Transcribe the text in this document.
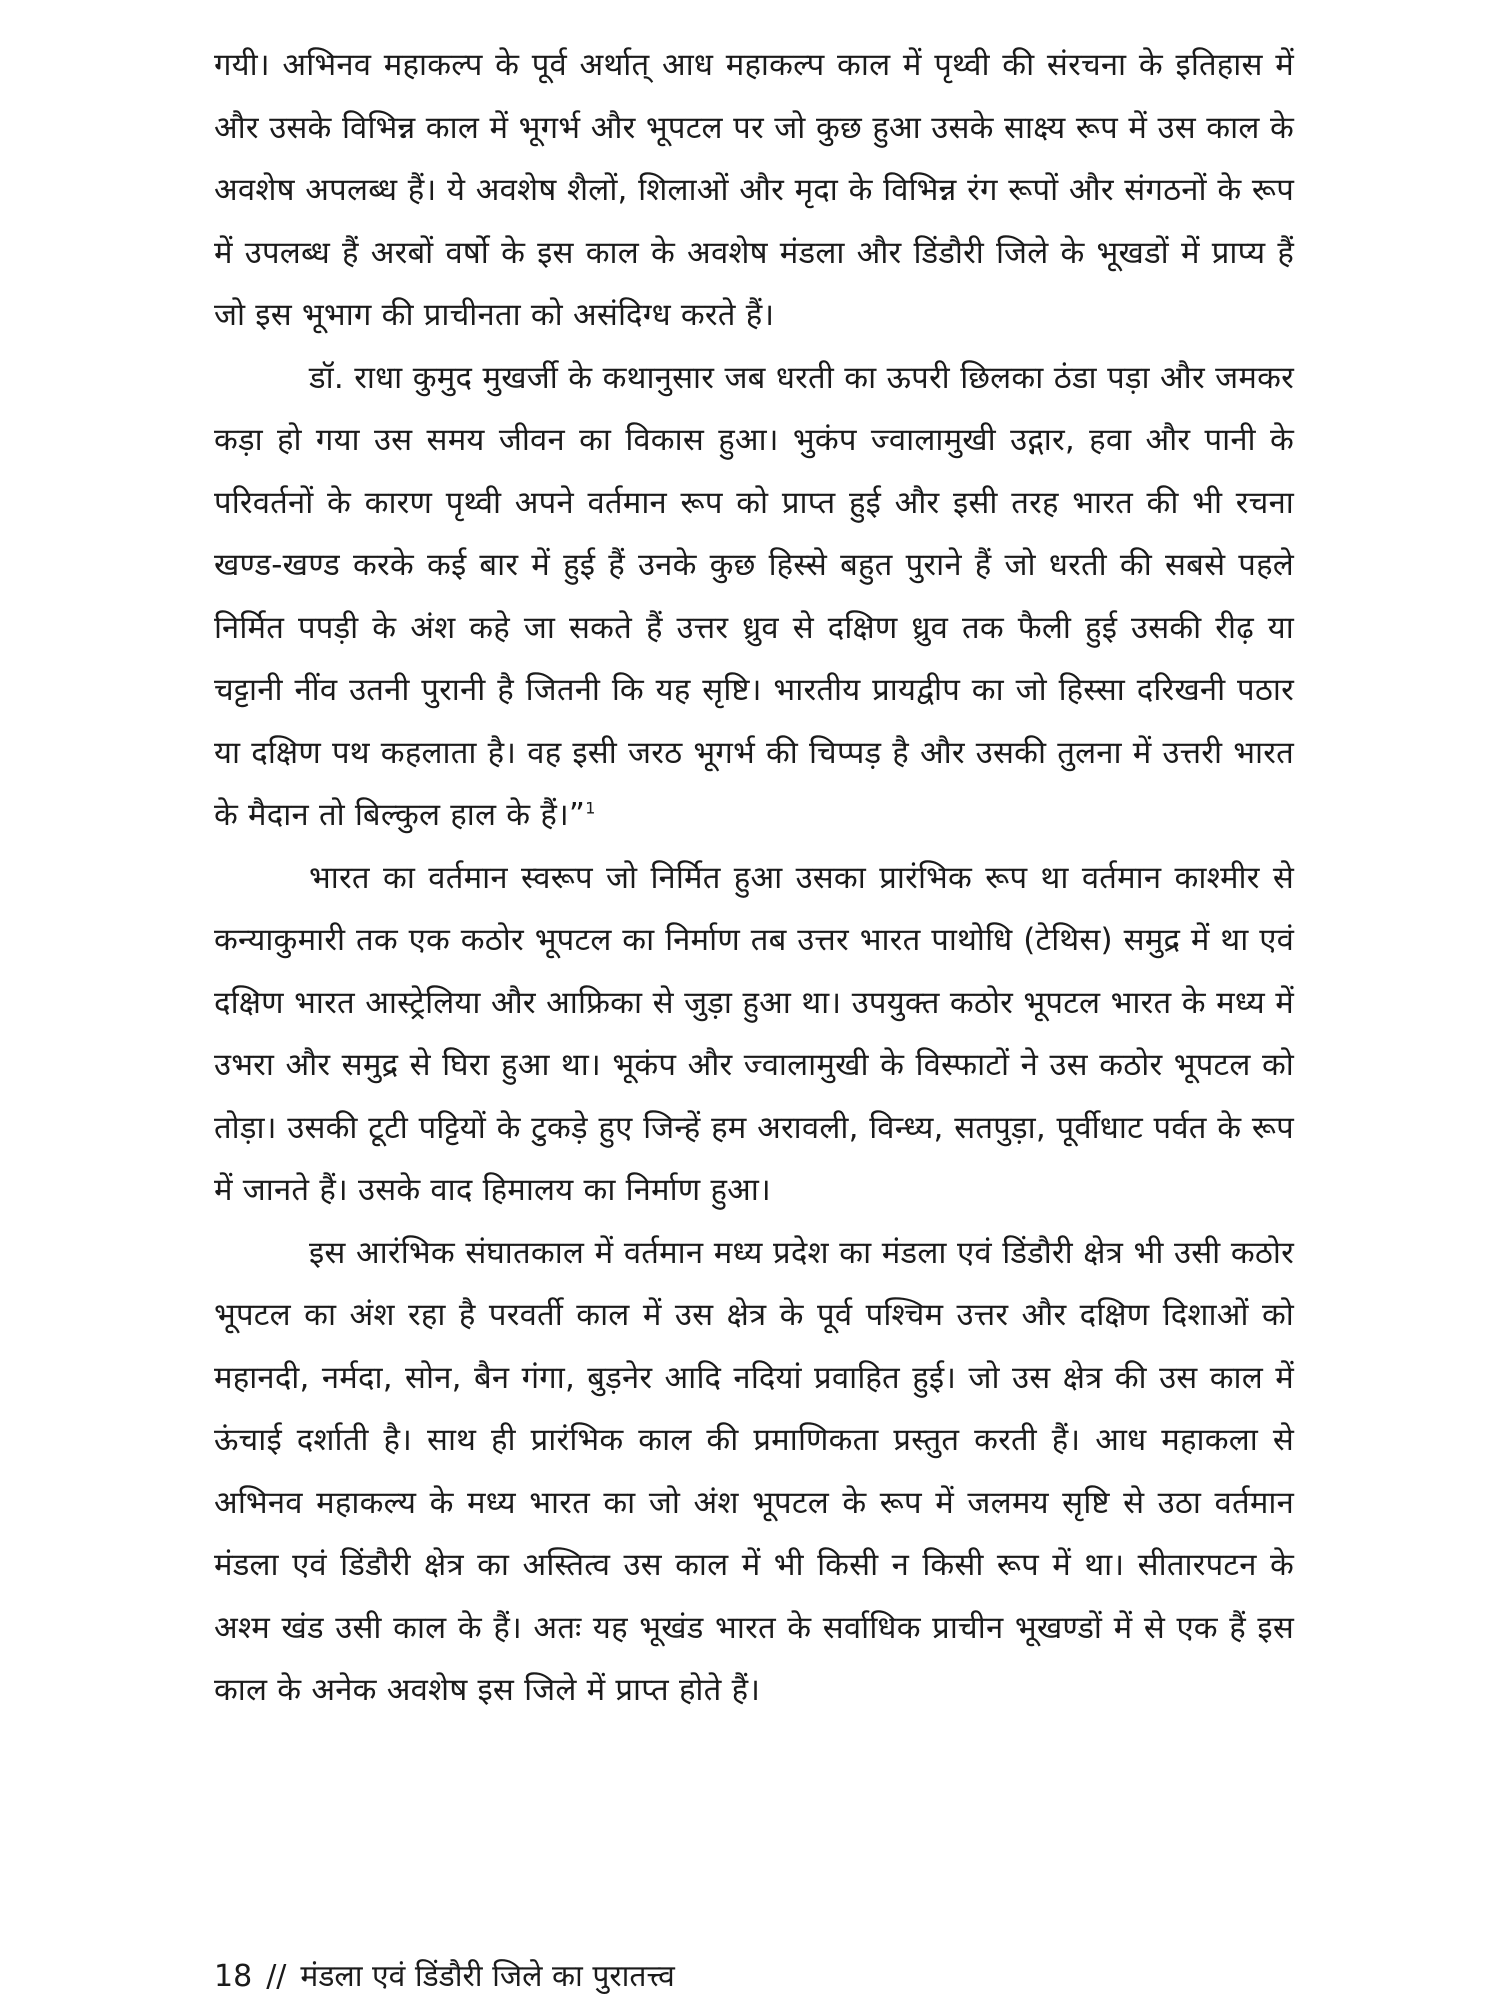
गयी। अभिनव महाकल्प के पूर्व अर्थात् आध महाकल्प काल में पृथ्वी की संरचना के इतिहास में और उसके विभिन्न काल में भूगर्भ और भूपटल पर जो कुछ हुआ उसके साक्ष्य रूप में उस काल के अवशेष अपलब्ध हैं। ये अवशेष शैलों, शिलाओं और मृदा के विभिन्न रंग रूपों और संगठनों के रूप में उपलब्ध हैं अरबों वर्षो के इस काल के अवशेष मंडला और डिंडौरी जिले के भूखडों में प्राप्य हैं जो इस भूभाग की प्राचीनता को असंदिग्ध करते हैं।

डॉ. राधा कुमुद मुखर्जी के कथानुसार जब धरती का ऊपरी छिलका ठंडा पड़ा और जमकर कड़ा हो गया उस समय जीवन का विकास हुआ। भुकंप ज्वालामुखी उद्गार, हवा और पानी के परिवर्तनों के कारण पृथ्वी अपने वर्तमान रूप को प्राप्त हुई और इसी तरह भारत की भी रचना खण्ड-खण्ड करके कई बार में हुई हैं उनके कुछ हिस्से बहुत पुराने हैं जो धरती की सबसे पहले निर्मित पपड़ी के अंश कहे जा सकते हैं उत्तर ध्रुव से दक्षिण ध्रुव तक फैली हुई उसकी रीढ़ या चट्टानी नींव उतनी पुरानी है जितनी कि यह सृष्टि। भारतीय प्रायद्वीप का जो हिस्सा दरिखनी पठार या दक्षिण पथ कहलाता है। वह इसी जरठ भूगर्भ की चिप्पड़ है और उसकी तुलना में उत्तरी भारत के मैदान तो बिल्कुल हाल के हैं।”$^1$

भारत का वर्तमान स्वरूप जो निर्मित हुआ उसका प्रारंभिक रूप था वर्तमान काश्मीर से कन्याकुमारी तक एक कठोर भूपटल का निर्माण तब उत्तर भारत पाथोधि (टेथिस) समुद्र में था एवं दक्षिण भारत आस्ट्रेलिया और आफ्रिका से जुड़ा हुआ था। उपयुक्त कठोर भूपटल भारत के मध्य में उभरा और समुद्र से घिरा हुआ था। भूकंप और ज्वालामुखी के विस्फाटों ने उस कठोर भूपटल को तोड़ा। उसकी टूटी पट्टियों के टुकड़े हुए जिन्हें हम अरावली, विन्ध्य, सतपुड़ा, पूर्वीधाट पर्वत के रूप में जानते हैं। उसके वाद हिमालय का निर्माण हुआ।

इस आरंभिक संघातकाल में वर्तमान मध्य प्रदेश का मंडला एवं डिंडौरी क्षेत्र भी उसी कठोर भूपटल का अंश रहा है परवर्ती काल में उस क्षेत्र के पूर्व पश्चिम उत्तर और दक्षिण दिशाओं को महानदी, नर्मदा, सोन, बैन गंगा, बुड़नेर आदि नदियां प्रवाहित हुई। जो उस क्षेत्र की उस काल में ऊंचाई दर्शाती है। साथ ही प्रारंभिक काल की प्रमाणिकता प्रस्तुत करती हैं। आध महाकला से अभिनव महाकल्य के मध्य भारत का जो अंश भूपटल के रूप में जलमय सृष्टि से उठा वर्तमान मंडला एवं डिंडौरी क्षेत्र का अस्तित्व उस काल में भी किसी न किसी रूप में था। सीतारपटन के अश्म खंड उसी काल के हैं। अतः यह भूखंड भारत के सर्वाधिक प्राचीन भूखण्डों में से एक हैं इस काल के अनेक अवशेष इस जिले में प्राप्त होते हैं।

18 // मंडला एवं डिंडौरी जिले का पुरातत्त्व
